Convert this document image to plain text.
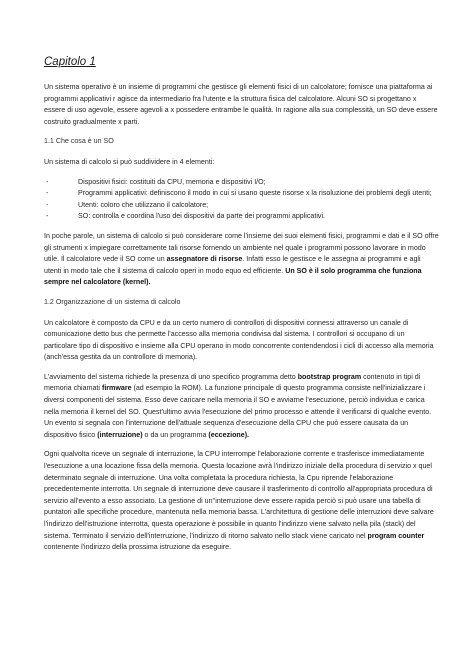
Capitolo 1

Un sistema operativo è un insieme di programmi che gestisce gli elementi fisici di un calcolatore; fornisce una piattaforma ai programmi applicativi r agisce da intermediario fra l'utente e la struttura fisica del calcolatore. Alcuni SO si progettano x essere di uso agevole, essere agevoli a x possedere entrambe le qualità. In ragione alla sua complessità, un SO deve essere costruito gradualmente x parti.

1.1 Che cosa è un SO

Un sistema di calcolo si può suddividere in 4 elementi:

-	Dispositivi fisici: costituiti da CPU, memoria e dispositivi I/O;
-	Programmi applicativi: definiscono il modo in cui si usano queste risorse x la risoluzione dei problemi degli utenti;
-	Utenti: coloro che utilizzano il calcolatore;
-	SO: controlla e coordina l'uso dei dispositivi da parte dei programmi applicativi.

In poche parole, un sistema di calcolo si può considerare come l'insieme dei suoi elementi fisici, programmi e dati e il SO offre gli strumenti x impiegare correttamente tali risorse fornendo un ambiente nel quale i programmi possono lavorare in modo utile. Il calcolatore vede il SO come un assegnatore di risorse. Infatti esso le gestisce e le assegna ai programmi e agli utenti in modo tale che il sistema di calcolo operi in modo equo ed efficiente. Un SO è il solo programma che funziona sempre nel calcolatore (kernel).

1.2 Organizzazione di un sistema di calcolo

Un calcolatore è composto da CPU e da un certo numero di controllori di dispositivi connessi attraverso un canale di comunicazione detto bus che permette l'accesso alla memoria condivisa dal sistema. I controllori si occupano di un particolare tipo di dispositivo e insieme alla CPU operano in modo concorrente contendendosi i cicli di accesso alla memoria (anch'essa gestita da un controllore di memoria).

L'avviamento del sistema richiede la presenza di uno specifico programma detto bootstrap program contenuto in tipi di memoria chiamati firmware (ad esempio la ROM). La funzione principale di questo programma consiste nell'inizializzare i diversi componenti del sistema. Esso deve caricare nella memoria il SO e avviarne l'esecuzione, perciò individua e carica nella memoria il kernel del SO. Quest'ultimo avvia l'esecuzione del primo processo e attende il verificarsi di qualche evento. Un evento si segnala con l'interruzione dell'attuale sequenza d'esecuzione della CPU che può essere causata da un dispositivo fisico (interruzione) o da un programma (eccezione).

Ogni qualvolta riceve un segnale di interruzione, la CPU interrompe l'elaborazione corrente e trasferisce immediatamente l'esecuzione a una locazione fissa della memoria. Questa locazione avrà l'indirizzo iniziale della procedura di servizio x quel determinato segnale di interruzione. Una volta completata la procedura richiesta, la Cpu riprende l'elaborazione precedentemente interrotta. Un segnale di interruzione deve causare il trasferimento di controllo all'appropriata procedura di servizio all'evento a esso associato. La gestione di un''interruzione deve essere rapida perciò si può usare una tabella di puntatori alle specifiche procedure, mantenuta nella memoria bassa. L'architettura di gestione delle interruzioni deve salvare l'indirizzo dell'istruzione interrotta, questa operazione è possibile in quanto l'indirizzo viene salvato nella pila (stack) del sistema. Terminato il servizio dell'interruzione, l'indirizzo di ritorno salvato nello stack viene caricato nel program counter contenente l'indirizzo della prossima istruzione da eseguire.
